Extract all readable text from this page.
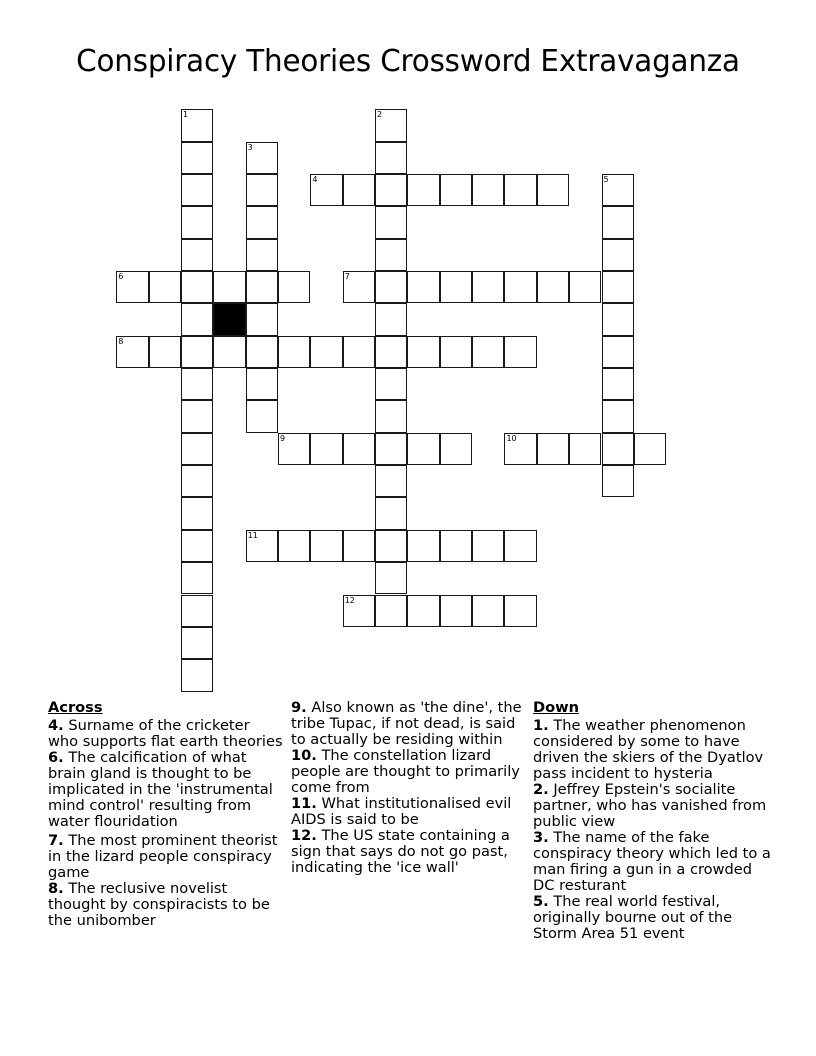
Conspiracy Theories Crossword Extravaganza
1	2
3
4	5
6	7
8
9	10
11
12
Across
4. Surname of the cricketer who supports flat earth theories
6. The calcification of what brain gland is thought to be implicated in the 'instrumental mind control' resulting from water flouridation
7. The most prominent theorist in the lizard people conspiracy game
8. The reclusive novelist thought by conspiracists to be the unibomber
9. Also known as 'the dine', the tribe Tupac, if not dead, is said to actually be residing within
10. The constellation lizard people are thought to primarily come from
11. What institutionalised evil AIDS is said to be
12. The US state containing a sign that says do not go past, indicating the 'ice wall'
Down
1. The weather phenomenon considered by some to have driven the skiers of the Dyatlov pass incident to hysteria
2. Jeffrey Epstein's socialite partner, who has vanished from public view
3. The name of the fake conspiracy theory which led to a man firing a gun in a crowded DC resturant
5. The real world festival, originally bourne out of the Storm Area 51 event
